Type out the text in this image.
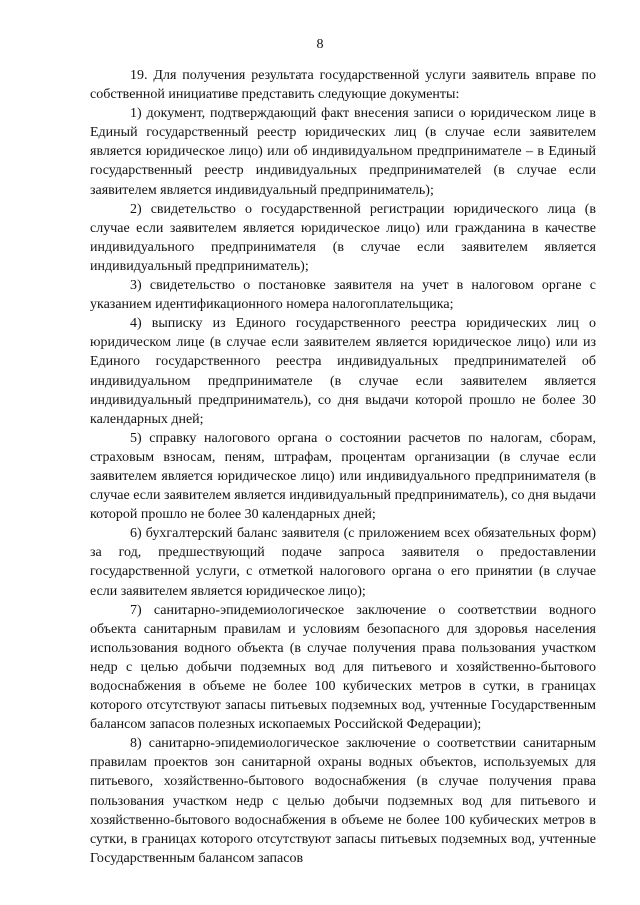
8

19. Для получения результата государственной услуги заявитель вправе по собственной инициативе представить следующие документы:

1) документ, подтверждающий факт внесения записи о юридическом лице в Единый государственный реестр юридических лиц (в случае если заявителем является юридическое лицо) или об индивидуальном предпринимателе – в Единый государственный реестр индивидуальных предпринимателей (в случае если заявителем является индивидуальный предприниматель);

2) свидетельство о государственной регистрации юридического лица (в случае если заявителем является юридическое лицо) или гражданина в качестве индивидуального предпринимателя (в случае если заявителем является индивидуальный предприниматель);

3) свидетельство о постановке заявителя на учет в налоговом органе с указанием идентификационного номера налогоплательщика;

4) выписку из Единого государственного реестра юридических лиц о юридическом лице (в случае если заявителем является юридическое лицо) или из Единого государственного реестра индивидуальных предпринимателей об индивидуальном предпринимателе (в случае если заявителем является индивидуальный предприниматель), со дня выдачи которой прошло не более 30 календарных дней;

5) справку налогового органа о состоянии расчетов по налогам, сборам, страховым взносам, пеням, штрафам, процентам организации (в случае если заявителем является юридическое лицо) или индивидуального предпринимателя (в случае если заявителем является индивидуальный предприниматель), со дня выдачи которой прошло не более 30 календарных дней;

6) бухгалтерский баланс заявителя (с приложением всех обязательных форм) за год, предшествующий подаче запроса заявителя о предоставлении государственной услуги, с отметкой налогового органа о его принятии (в случае если заявителем является юридическое лицо);

7) санитарно-эпидемиологическое заключение о соответствии водного объекта санитарным правилам и условиям безопасного для здоровья населения использования водного объекта (в случае получения права пользования участком недр с целью добычи подземных вод для питьевого и хозяйственно-бытового водоснабжения в объеме не более 100 кубических метров в сутки, в границах которого отсутствуют запасы питьевых подземных вод, учтенные Государственным балансом запасов полезных ископаемых Российской Федерации);

8) санитарно-эпидемиологическое заключение о соответствии санитарным правилам проектов зон санитарной охраны водных объектов, используемых для питьевого, хозяйственно-бытового водоснабжения (в случае получения права пользования участком недр с целью добычи подземных вод для питьевого и хозяйственно-бытового водоснабжения в объеме не более 100 кубических метров в сутки, в границах которого отсутствуют запасы питьевых подземных вод, учтенные Государственным балансом запасов
